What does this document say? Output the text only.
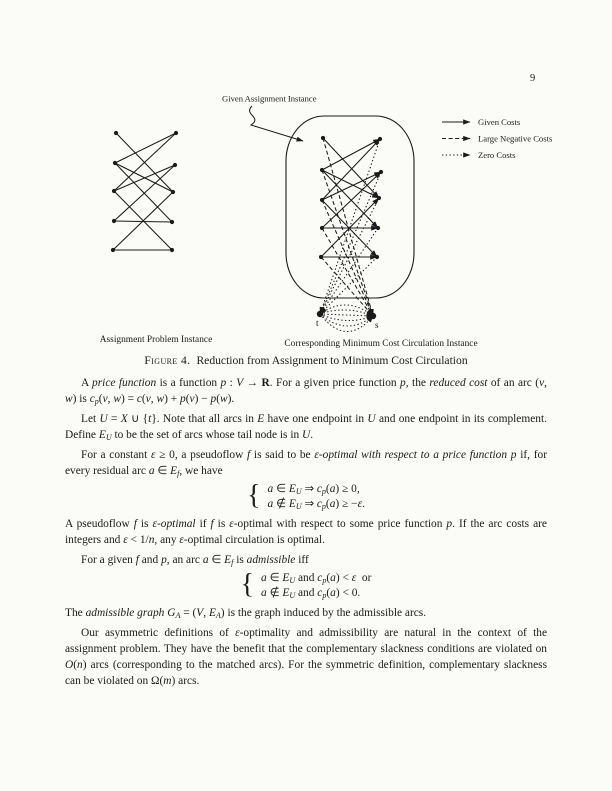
9
t	s
Given Costs
Large Negative Costs
Zero Costs
Given Assignment Instance
Assignment Problem Instance	Corresponding Minimum Cost Circulation Instance
Figure 4. Reduction from Assignment to Minimum Cost Circulation

A price function is a function p : V → R. For a given price function p, the reduced cost of an arc (v, w) is $c_p(v$, w) = c(v, w) + p(v) − p(w).

Let U = X ∪ {t}. Note that all arcs in E have one endpoint in U and one endpoint in its complement. Define $E_U$ to be the set of arcs whose tail node is in U.

For a constant ε ≥ 0, a pseudoflow f is said to be ε-optimal with respect to a price function p if, for every residual arc a ∈ $E_f$, we have

{ a ∈ $E_U$ ⇒ $c_p(a) \ge 0$,
a ∉ $E_U$ ⇒ $c_p(a) \ge -\varepsilon$.

A pseudoflow f is ε-optimal if f is ε-optimal with respect to some price function p. If the arc costs are integers and ε < 1/n, any ε-optimal circulation is optimal.

For a given f and p, an arc a ∈ $E_f$ is admissible iff

{ a ∈ $E_U$ and $c_p(a) < \varepsilon$  or
a ∉ $E_U$ and $c_p(a) < 0$.

The admissible graph $G_A = (V$, $E_A$) is the graph induced by the admissible arcs.

Our asymmetric definitions of ε-optimality and admissibility are natural in the context of the assignment problem. They have the benefit that the complementary slackness conditions are violated on O(n) arcs (corresponding to the matched arcs). For the symmetric definition, complementary slackness can be violated on Ω(m) arcs.
